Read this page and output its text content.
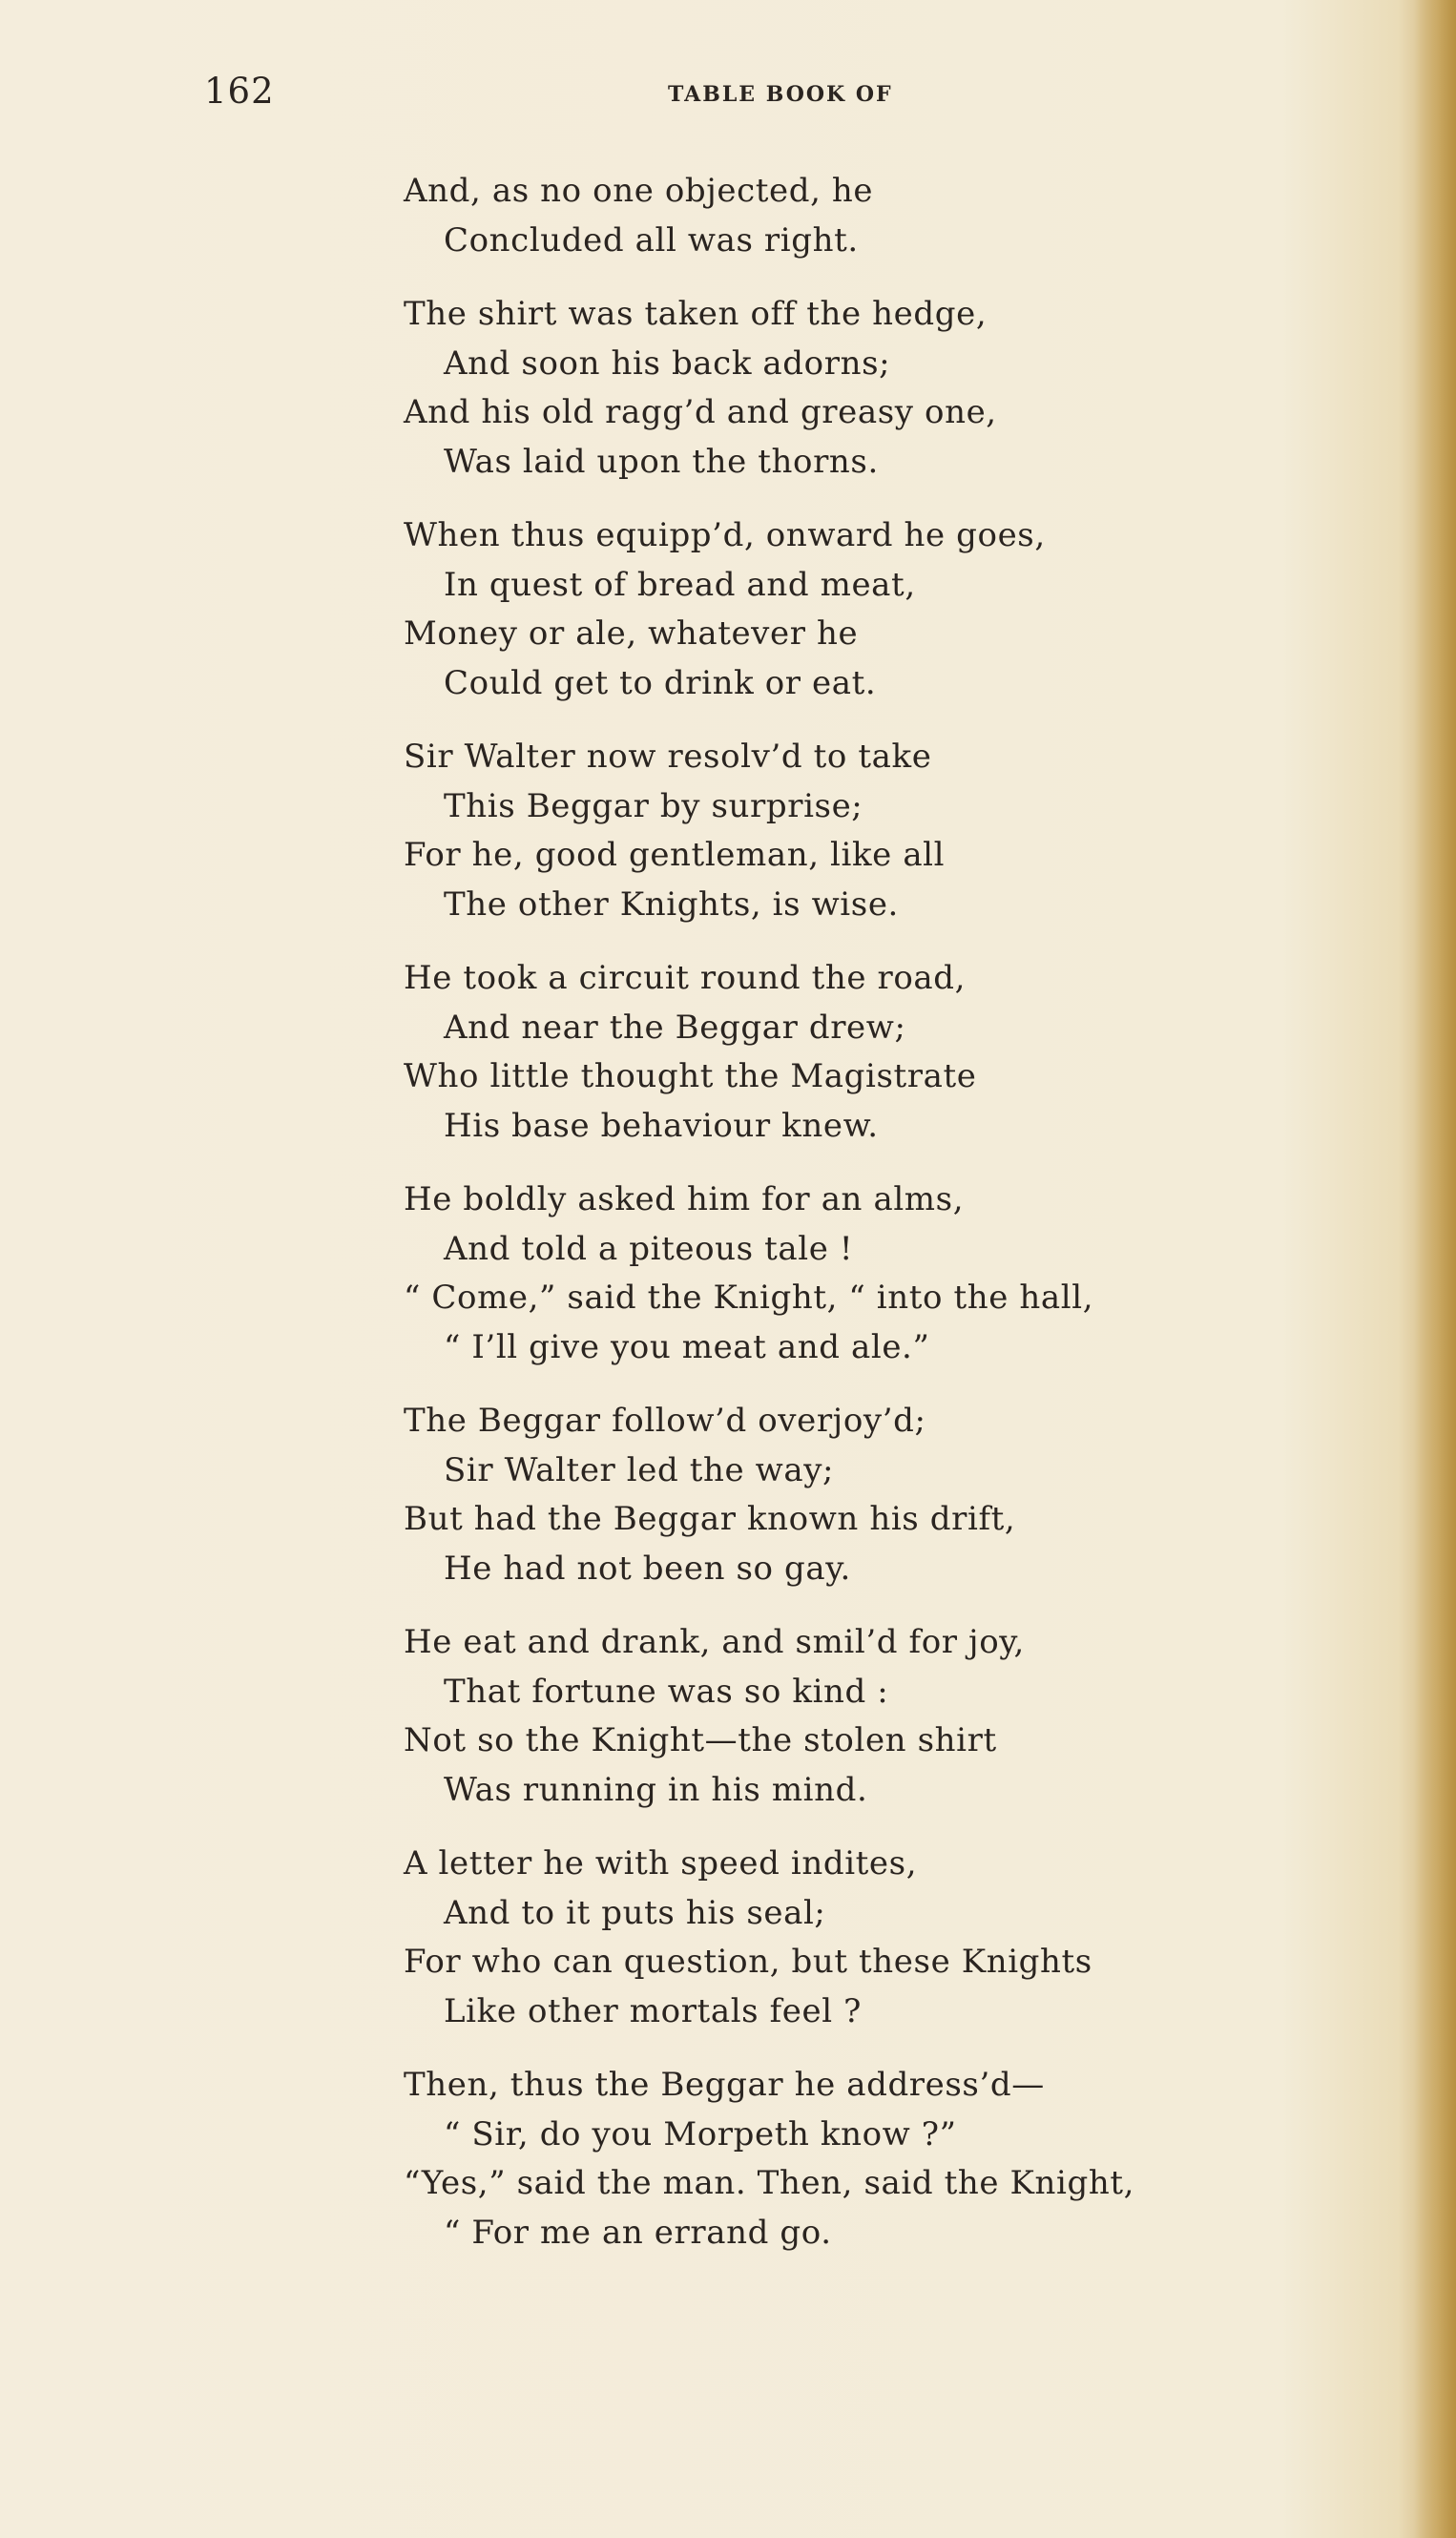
162	TABLE BOOK OF
And, as no one objected, he
Concluded all was right.
The shirt was taken off the hedge,
And soon his back adorns;
And his old ragg’d and greasy one,
Was laid upon the thorns.
When thus equipp’d, onward he goes,
In quest of bread and meat,
Money or ale, whatever he
Could get to drink or eat.
Sir Walter now resolv’d to take
This Beggar by surprise;
For he, good gentleman, like all
The other Knights, is wise.
He took a circuit round the road,
And near the Beggar drew;
Who little thought the Magistrate
His base behaviour knew.
He boldly asked him for an alms,
And told a piteous tale !
“ Come,” said the Knight, “ into the hall,
“ I’ll give you meat and ale.”
The Beggar follow’d overjoy’d;
Sir Walter led the way;
But had the Beggar known his drift,
He had not been so gay.
He eat and drank, and smil’d for joy,
That fortune was so kind :
Not so the Knight—the stolen shirt
Was running in his mind.
A letter he with speed indites,
And to it puts his seal;
For who can question, but these Knights
Like other mortals feel ?
Then, thus the Beggar he address’d—
“ Sir, do you Morpeth know ?”
“Yes,” said the man. Then, said the Knight,
“ For me an errand go.
